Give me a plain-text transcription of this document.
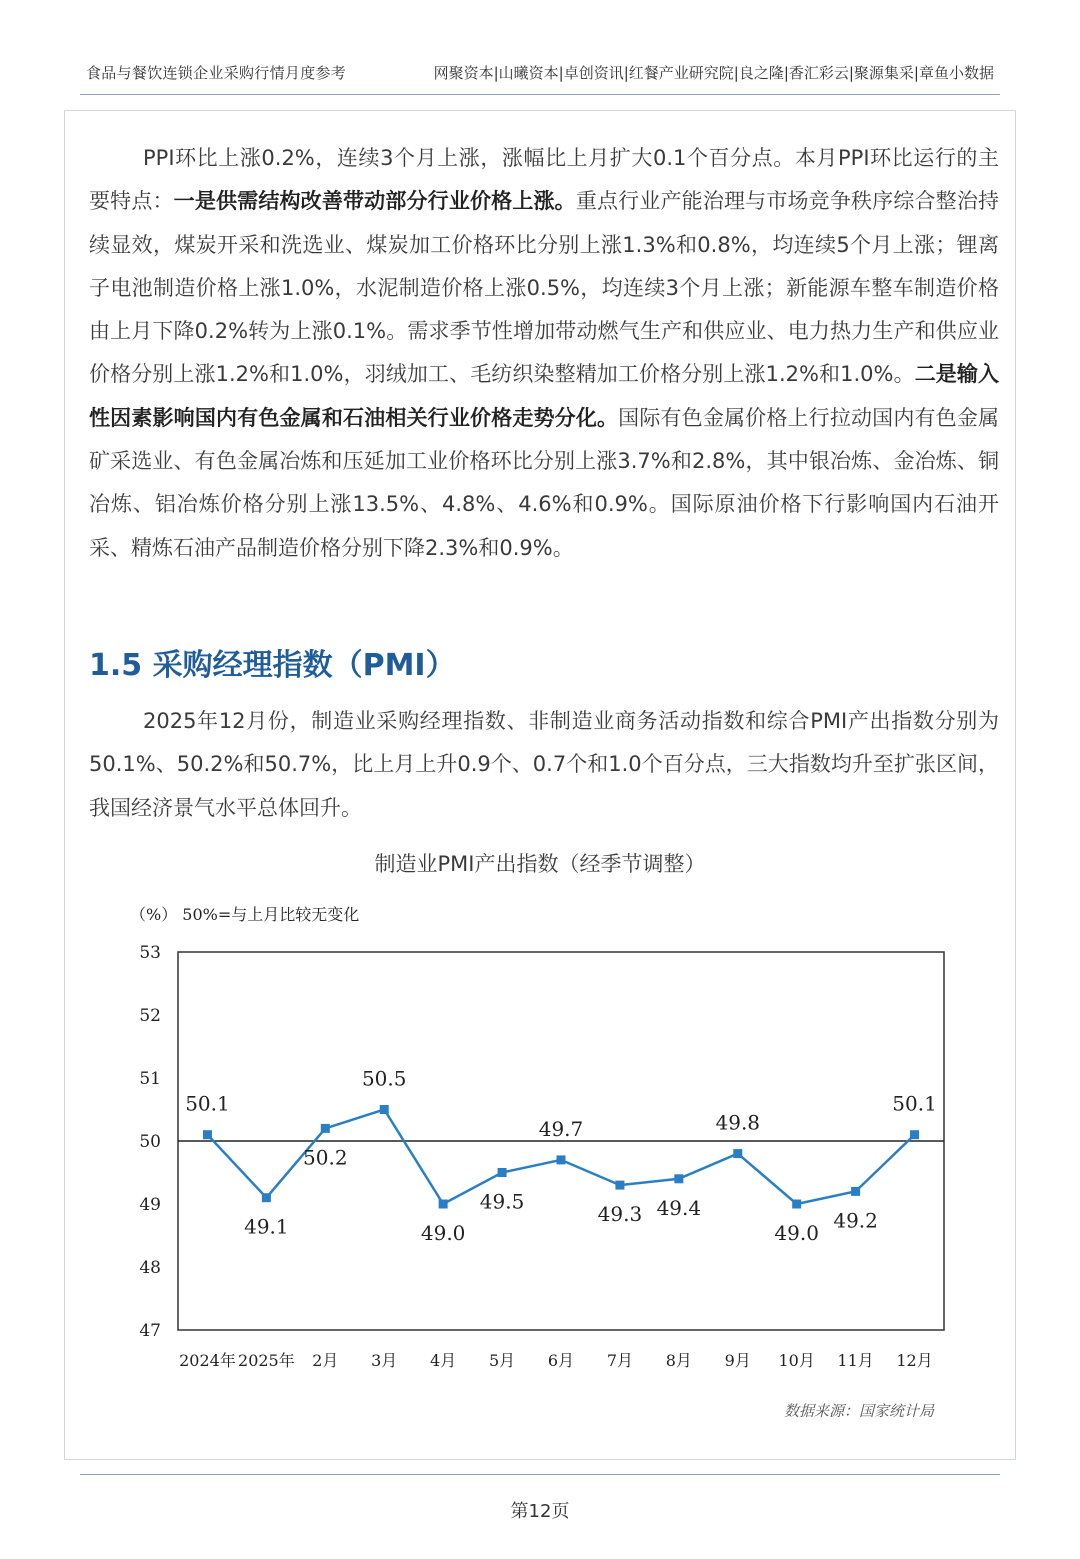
食品与餐饮连锁企业采购行情月度参考	网聚资本|山曦资本|卓创资讯|红餐产业研究院|良之隆|香汇彩云|聚源集采|章鱼小数据

PPI环比上涨0.2%，连续3个月上涨，涨幅比上月扩大0.1个百分点。本月PPI环比运行的主要特点：一是供需结构改善带动部分行业价格上涨。重点行业产能治理与市场竞争秩序综合整治持续显效，煤炭开采和洗选业、煤炭加工价格环比分别上涨1.3%和0.8%，均连续5个月上涨；锂离子电池制造价格上涨1.0%，水泥制造价格上涨0.5%，均连续3个月上涨；新能源车整车制造价格由上月下降0.2%转为上涨0.1%。需求季节性增加带动燃气生产和供应业、电力热力生产和供应业价格分别上涨1.2%和1.0%，羽绒加工、毛纺织染整精加工价格分别上涨1.2%和1.0%。二是输入性因素影响国内有色金属和石油相关行业价格走势分化。国际有色金属价格上行拉动国内有色金属矿采选业、有色金属冶炼和压延加工业价格环比分别上涨3.7%和2.8%，其中银冶炼、金冶炼、铜冶炼、铝冶炼价格分别上涨13.5%、4.8%、4.6%和0.9%。国际原油价格下行影响国内石油开采、精炼石油产品制造价格分别下降2.3%和0.9%。

1.5 采购经理指数（PMI）

2025年12月份，制造业采购经理指数、非制造业商务活动指数和综合PMI产出指数分别为50.1%、50.2%和50.7%，比上月上升0.9个、0.7个和1.0个百分点，三大指数均升至扩张区间，我国经济景气水平总体回升。

制造业PMI产出指数（经季节调整）
（%） 50%=与上月比较无变化
53
52
51
50
49
48
47
50.1
49.1
50.2
50.5
49.0
49.5
49.7
49.3 49.4
49.8
49.0
49.2
50.1
2024年 2025年 2月 3月 4月 5月 6月 7月 8月 9月 10月 11月 12月
数据来源：国家统计局
第12页
